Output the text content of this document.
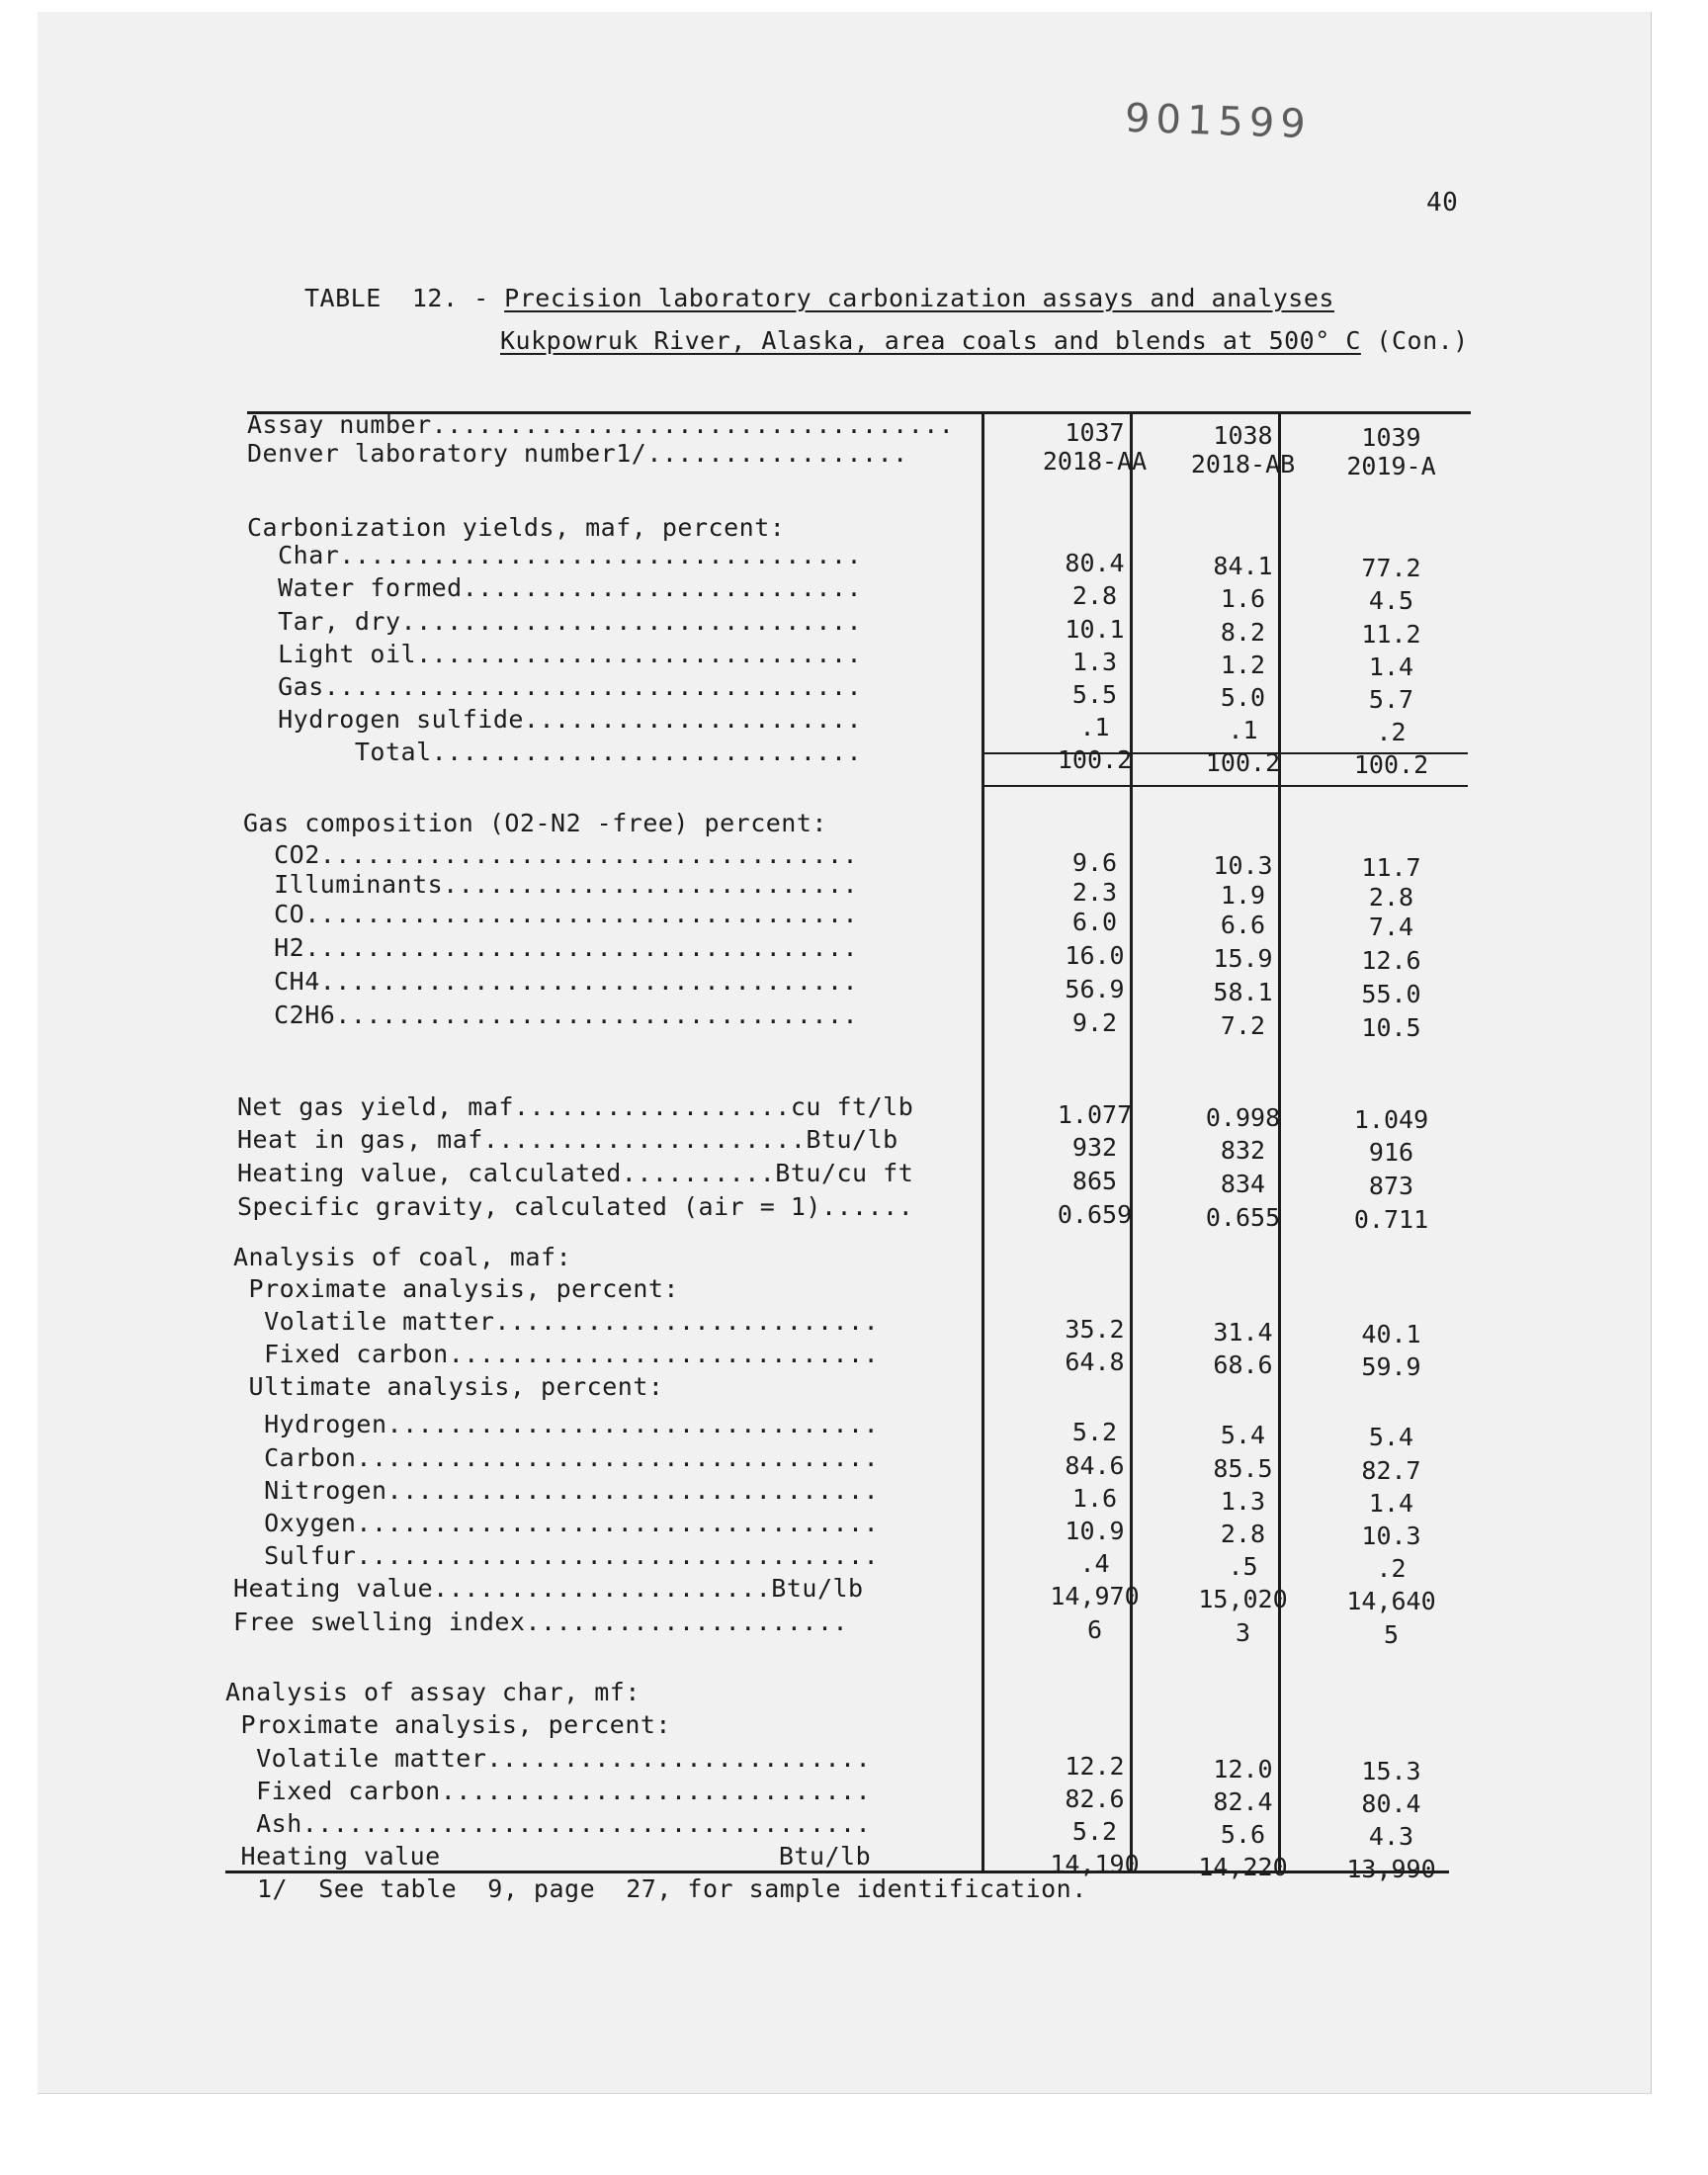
901599
40
TABLE  12. - Precision laboratory carbonization assays and analyses
Kukpowruk River, Alaska, area coals and blends at 500° C (Con.)
Assay number..................................	1037	1038	1039
Denver laboratory number1/.................	2018-AA	2018-AB	2019-A
Carbonization yields, maf, percent:
Char..................................	80.4	84.1	77.2
Water formed..........................	2.8	1.6	4.5
Tar, dry..............................	10.1	8.2	11.2
Light oil.............................	1.3	1.2	1.4
Gas...................................	5.5	5.0	5.7
Hydrogen sulfide......................	.1	.1	.2
Total............................	100.2	100.2	100.2
Gas composition (O2-N2 -free) percent:
CO2...................................	9.6	10.3	11.7
Illuminants...........................	2.3	1.9	2.8
CO....................................	6.0	6.6	7.4
H2....................................	16.0	15.9	12.6
CH4...................................	56.9	58.1	55.0
C2H6..................................	9.2	7.2	10.5
Net gas yield, maf..................cu ft/lb	1.077	0.998	1.049
Heat in gas, maf.....................Btu/lb	932	832	916
Heating value, calculated..........Btu/cu ft	865	834	873
Specific gravity, calculated (air = 1)......	0.659	0.655	0.711
Analysis of coal, maf:
Proximate analysis, percent:
Volatile matter.........................	35.2	31.4	40.1
Fixed carbon............................	64.8	68.6	59.9
Ultimate analysis, percent:
Hydrogen................................	5.2	5.4	5.4
Carbon..................................	84.6	85.5	82.7
Nitrogen................................	1.6	1.3	1.4
Oxygen..................................	10.9	2.8	10.3
Sulfur..................................	.4	.5	.2
Heating value......................Btu/lb	14,970	15,020	14,640
Free swelling index.....................	6	3	5
Analysis of assay char, mf:
Proximate analysis, percent:
Volatile matter.........................	12.2	12.0	15.3
Fixed carbon............................	82.6	82.4	80.4
Ash.....................................	5.2	5.6	4.3
Heating value                      Btu/lb	14,190	14,220	13,990
1/  See table  9, page  27, for sample identification.
